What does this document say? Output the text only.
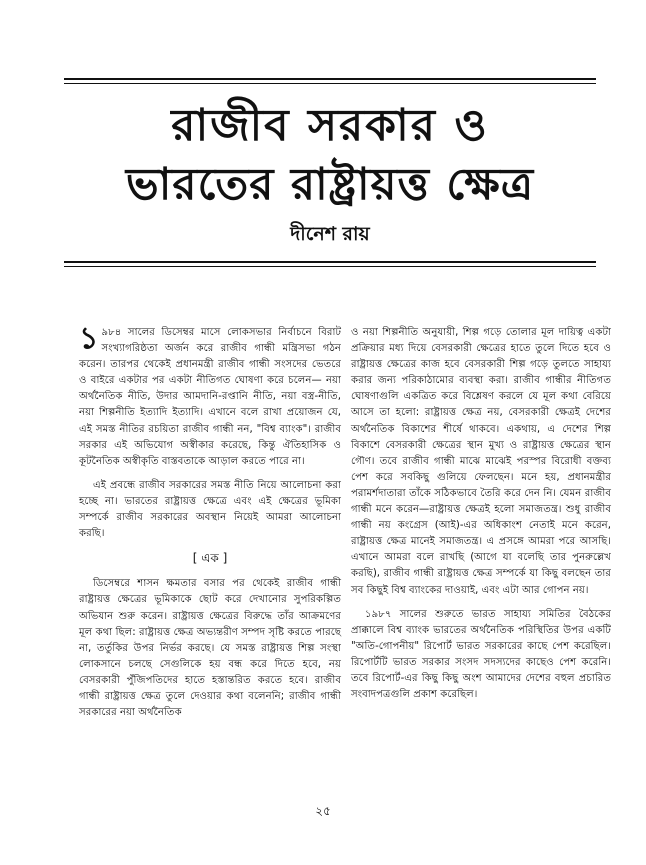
রাজীব সরকার ও
ভারতের রাষ্ট্রায়ত্ত ক্ষেত্র
দীনেশ রায়

১ ৯৮৪ সালের ডিসেম্বর মাসে লোকসভার নির্বাচনে বিরাট সংখ্যাগরিষ্ঠতা অর্জন করে রাজীব গান্ধী মন্ত্রিসভা গঠন করেন। তারপর থেকেই প্রধানমন্ত্রী রাজীব গান্ধী সংসদের ভেতরে ও বাইরে একটার পর একটা নীতিগত ঘোষণা করে চলেন— নয়া অর্থনৈতিক নীতি, উদার আমদানি-রপ্তানি নীতি, নয়া বস্ত্র-নীতি, নয়া শিল্পনীতি ইত্যাদি ইত্যাদি। এখানে বলে রাখা প্রয়োজন যে, এই সমস্ত নীতির রচয়িতা রাজীব গান্ধী নন, "বিশ্ব ব্যাংক"। রাজীব সরকার এই অভিযোগ অস্বীকার করেছে, কিন্তু ঐতিহাসিক ও কূটনৈতিক অস্বীকৃতি বাস্তবতাকে আড়াল করতে পারে না।

এই প্রবন্ধে রাজীব সরকারের সমস্ত নীতি নিয়ে আলোচনা করা হচ্ছে না। ভারতের রাষ্ট্রায়ত্ত ক্ষেত্রে এবং এই ক্ষেত্রের ভূমিকা সম্পর্কে রাজীব সরকারের অবস্থান নিয়েই আমরা আলোচনা করছি।

[ এক ]

ডিসেম্বরে শাসন ক্ষমতার বসার পর থেকেই রাজীব গান্ধী রাষ্ট্রায়ত্ত ক্ষেত্রের ভূমিকাকে ছোট করে দেখানোর সুপরিকল্পিত অভিযান শুরু করেন। রাষ্ট্রায়ত্ত ক্ষেত্রের বিরুদ্ধে তাঁর আক্রমণের মূল কথা ছিল: রাষ্ট্রায়ত্ত ক্ষেত্র অভ্যন্তরীণ সম্পদ সৃষ্টি করতে পারছে না, তর্তুকির উপর নির্ভর করছে। যে সমস্ত রাষ্ট্রায়ত্ত শিল্প সংস্থা লোকসানে চলছে সেগুলিকে হয় বন্ধ করে দিতে হবে, নয় বেসরকারী পুঁজিপতিদের হাতে হস্তান্তরিত করতে হবে। রাজীব গান্ধী রাষ্ট্রায়ত্ত ক্ষেত্র তুলে দেওয়ার কথা বলেননি; রাজীব গান্ধী সরকারের নয়া অর্থনৈতিক

ও নয়া শিল্পনীতি অনুযায়ী, শিল্প গড়ে তোলার মূল দায়িত্ব একটা প্রক্রিয়ার মধ্য দিয়ে বেসরকারী ক্ষেত্রের হাতে তুলে দিতে হবে ও রাষ্ট্রায়ত্ত ক্ষেত্রের কাজ হবে বেসরকারী শিল্প গড়ে তুলতে সাহায্য করার জন্য পরিকাঠামোর ব্যবস্থা করা। রাজীব গান্ধীর নীতিগত ঘোষণাগুলি একত্রিত করে বিশ্লেষণ করলে যে মূল কথা বেরিয়ে আসে তা হলো: রাষ্ট্রায়ত্ত ক্ষেত্র নয়, বেসরকারী ক্ষেত্রই দেশের অর্থনৈতিক বিকাশের শীর্ষে থাকবে। একথায়, এ দেশের শিল্প বিকাশে বেসরকারী ক্ষেত্রের স্থান মুখ্য ও রাষ্ট্রায়ত্ত ক্ষেত্রের স্থান গৌণ। তবে রাজীব গান্ধী মাঝে মাঝেই পরস্পর বিরোধী বক্তব্য পেশ করে সবকিছু গুলিয়ে ফেলছেন। মনে হয়, প্রধানমন্ত্রীর পরামর্শদাতারা তাঁকে সঠিকভাবে তৈরি করে দেন নি। যেমন রাজীব গান্ধী মনে করেন—রাষ্ট্রায়ত্ত ক্ষেত্রই হলো সমাজতন্ত্র। শুধু রাজীব গান্ধী নয় কংগ্রেস (আই)-এর অধিকাংশ নেতাই মনে করেন, রাষ্ট্রায়ত্ত ক্ষেত্র মানেই সমাজতন্ত্র। এ প্রসঙ্গে আমরা পরে আসছি। এখানে আমরা বলে রাখছি (আগে যা বলেছি তার পুনরুল্লেখ করছি), রাজীব গান্ধী রাষ্ট্রায়ত্ত ক্ষেত্র সম্পর্কে যা কিছু বলছেন তার সব কিছুই বিশ্ব ব্যাংকের দাওয়াই, এবং এটা আর গোপন নয়।

১৯৮৭ সালের শুরুতে ভারত সাহায্য সমিতির বৈঠকের প্রাক্কালে বিশ্ব ব্যাংক ভারতের অর্থনৈতিক পরিস্থিতির উপর একটি "অতি-গোপনীয়" রিপোর্ট ভারত সরকারের কাছে পেশ করেছিল। রিপোর্টটি ভারত সরকার সংসদ সদস্যদের কাছেও পেশ করেনি। তবে রিপোর্ট-এর কিছু কিছু অংশ আমাদের দেশের বহুল প্রচারিত সংবাদপত্রগুলি প্রকাশ করেছিল।

২৫
